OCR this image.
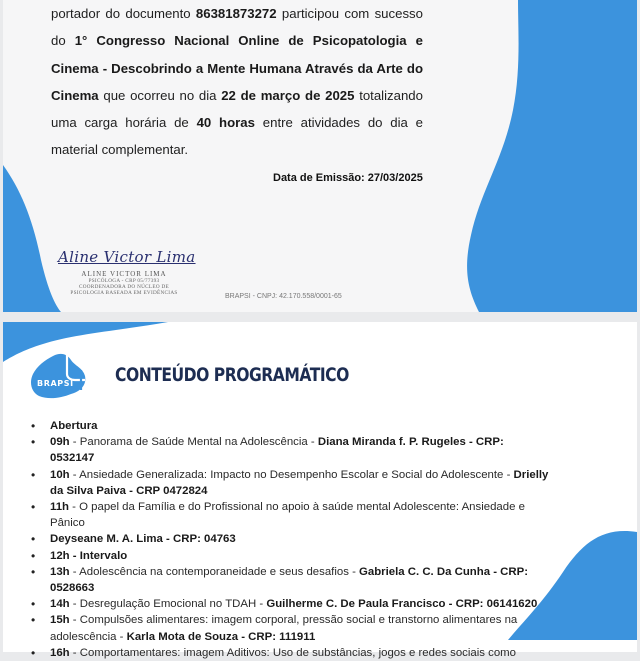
portador do documento 86381873272 participou com sucesso do 1° Congresso Nacional Online de Psicopatologia e Cinema - Descobrindo a Mente Humana Através da Arte do Cinema que ocorreu no dia 22 de março de 2025 totalizando uma carga horária de 40 horas entre atividades do dia e material complementar.
Data de Emissão: 27/03/2025
Aline Victor Lima
ALINE VICTOR LIMA
PSICÓLOGA - CRP 05/77393
COORDENADORA DO NÚCLEO DE
PSICOLOGIA BASEADA EM EVIDÊNCIAS	BRAPSI - CNPJ: 42.170.558/0001-65
BRAPSI CONTEÚDO PROGRAMÁTICO
• Abertura
• 09h - Panorama de Saúde Mental na Adolescência - Diana Miranda f. P. Rugeles - CRP: 0532147
• 10h - Ansiedade Generalizada: Impacto no Desempenho Escolar e Social do Adolescente - Drielly da Silva Paiva - CRP 0472824
• 11h - O papel da Família e do Profissional no apoio à saúde mental Adolescente: Ansiedade e Pânico
• Deyseane M. A. Lima - CRP: 04763
• 12h - Intervalo
• 13h - Adolescência na contemporaneidade e seus desafios - Gabriela C. C. Da Cunha - CRP: 0528663
• 14h - Desregulação Emocional no TDAH - Guilherme C. De Paula Francisco - CRP: 06141620
• 15h - Compulsões alimentares: imagem corporal, pressão social e transtorno alimentares na adolescência - Karla Mota de Souza - CRP: 111911
• 16h - Comportamentares: imagem Aditivos: Uso de substâncias, jogos e redes sociais como
